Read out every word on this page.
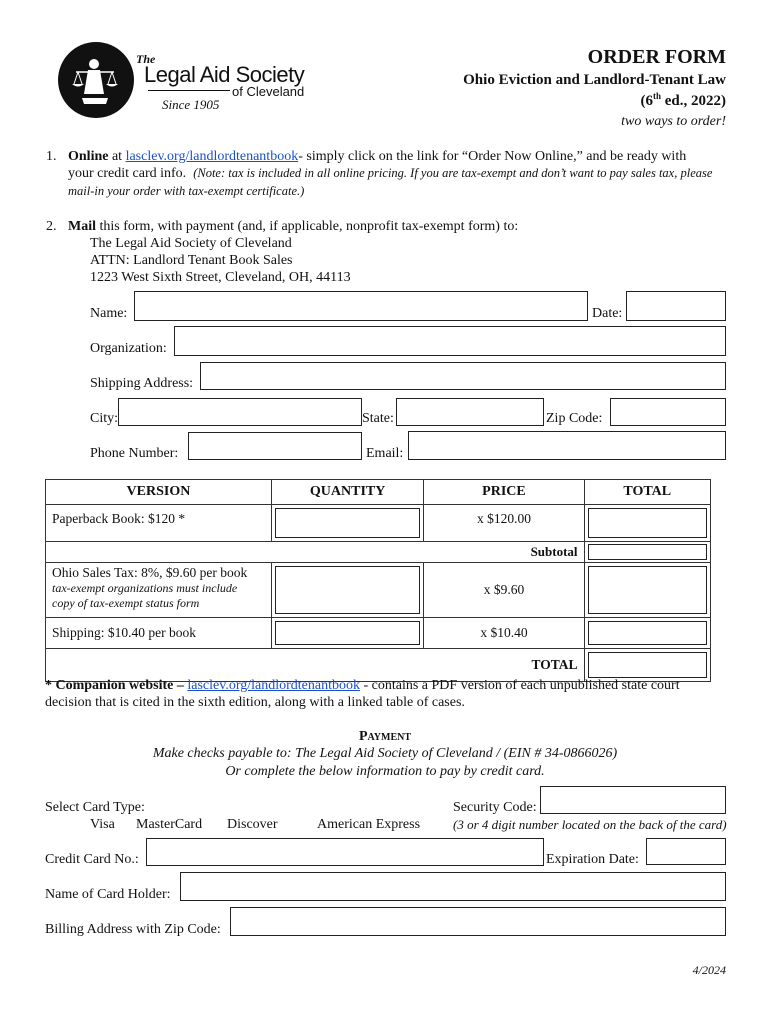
The
Legal Aid Society
of Cleveland
Since 1905
ORDER FORM
Ohio Eviction and Landlord-Tenant Law
(6th ed., 2022)
two ways to order!
1. Online at lasclev.org/landlordtenantbook- simply click on the link for “Order Now Online,” and be ready with
your credit card info. (Note: tax is included in all online pricing. If you are tax-exempt and don’t want to pay sales tax, please
mail-in your order with tax-exempt certificate.)
2. Mail this form, with payment (and, if applicable, nonprofit tax-exempt form) to:
The Legal Aid Society of Cleveland
ATTN: Landlord Tenant Book Sales
1223 West Sixth Street, Cleveland, OH, 44113
Name:	Date:
Organization:
Shipping Address:
City:	State:	Zip Code:
Phone Number:	Email:
VERSION	QUANTITY	PRICE	TOTAL
Paperback Book: $120 *		x $120.00	

Subtotal			

Ohio Sales Tax: 8%, $9.60 per book
tax-exempt organizations must include
copy of tax-exempt status form		x $9.60	

Shipping: $10.40 per book		x $10.40	

TOTAL			
* Companion website – lasclev.org/landlordtenantbook - contains a PDF version of each unpublished state court
decision that is cited in the sixth edition, along with a linked table of cases.
Payment
Make checks payable to: The Legal Aid Society of Cleveland / (EIN # 34-0866026)
Or complete the below information to pay by credit card.
Select Card Type:
Visa MasterCard Discover	American Express
Security Code:
(3 or 4 digit number located on the back of the card)
Credit Card No.:	Expiration Date:
Name of Card Holder:
Billing Address with Zip Code:
4/2024
